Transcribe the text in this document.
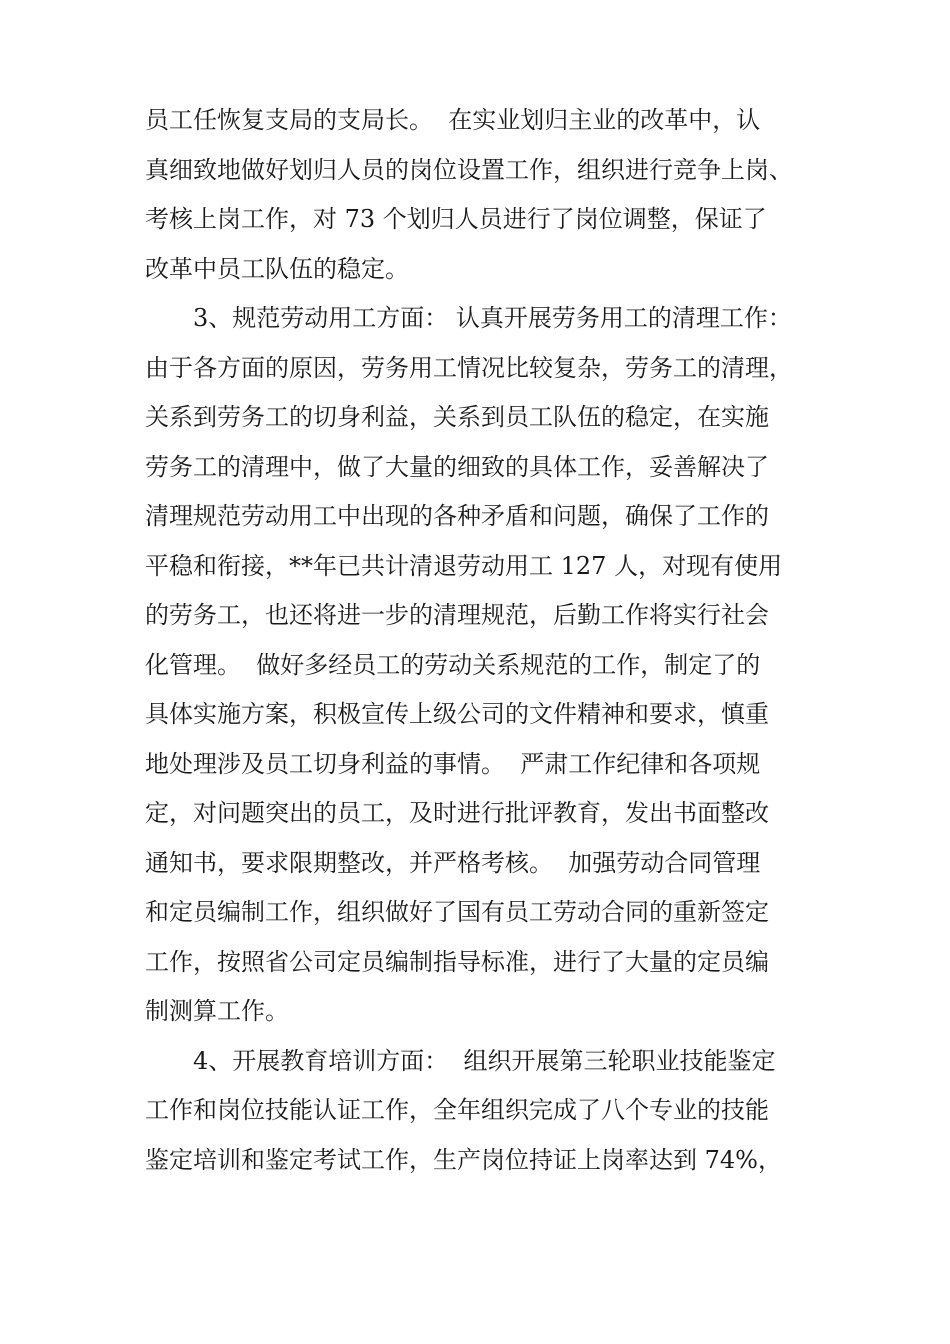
员工任恢复支局的支局长。  在实业划归主业的改革中，认
真细致地做好划归人员的岗位设置工作，组织进行竞争上岗、
考核上岗工作，对 73 个划归人员进行了岗位调整，保证了
改革中员工队伍的稳定。
3、规范劳动用工方面： 认真开展劳务用工的清理工作：
由于各方面的原因，劳务用工情况比较复杂，劳务工的清理，
关系到劳务工的切身利益，关系到员工队伍的稳定，在实施
劳务工的清理中，做了大量的细致的具体工作，妥善解决了
清理规范劳动用工中出现的各种矛盾和问题，确保了工作的
平稳和衔接，**年已共计清退劳动用工 127 人，对现有使用
的劳务工，也还将进一步的清理规范，后勤工作将实行社会
化管理。  做好多经员工的劳动关系规范的工作，制定了的
具体实施方案，积极宣传上级公司的文件精神和要求，慎重
地处理涉及员工切身利益的事情。  严肃工作纪律和各项规
定，对问题突出的员工，及时进行批评教育，发出书面整改
通知书，要求限期整改，并严格考核。  加强劳动合同管理
和定员编制工作，组织做好了国有员工劳动合同的重新签定
工作，按照省公司定员编制指导标准，进行了大量的定员编
制测算工作。
4、开展教育培训方面：  组织开展第三轮职业技能鉴定
工作和岗位技能认证工作，全年组织完成了八个专业的技能
鉴定培训和鉴定考试工作，生产岗位持证上岗率达到 74%，
